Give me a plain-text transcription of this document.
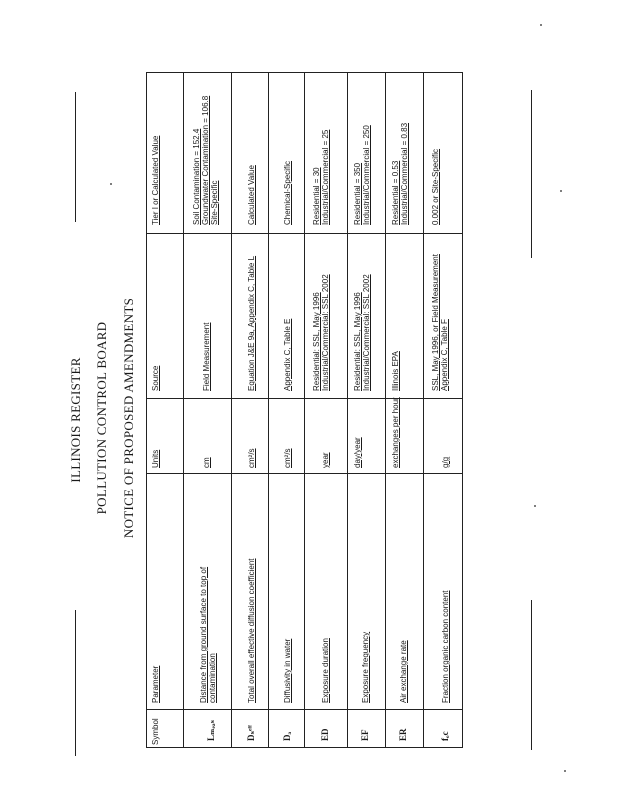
ILLINOIS REGISTER POLLUTION CONTROL BOARD NOTICE OF PROPOSED AMENDMENTS
Symbol
Parameter
Units
Source
Tier I or Calculated Value
Lₘₑₐₛ
Distance from ground surface to top of contamination
cm
Field Measurement
Soil Contamination = 152.4 Groundwater Contamination = 106.8 Site-Specific
Dₛᵉᶠᶠ
Total overall effective diffusion coefficient
cm²/s
Equation J&E 9a, Appendix C, Table L
Calculated Value
Dₐ
Diffusivity in water
cm²/s
Appendix C, Table E
Chemical-Specific
ED
Exposure duration
year
Residential: SSL, May 1996 Industrial/Commercial: SSL 2002
Residential = 30 Industrial/Commercial = 25
EF
Exposure frequency
day/year
Residential: SSL, May 1996 Industrial/Commercial: SSL 2002
Residential = 350 Industrial/Commercial = 250
ER
Air exchange rate
exchanges per hour
Illinois EPA
Residential = 0.53 Industrial/Commercial = 0.83
fₒc
Fraction organic carbon content
g/g
SSL, May 1996, or Field Measurement Appendix C, Table F
0.002 or Site-Specific
